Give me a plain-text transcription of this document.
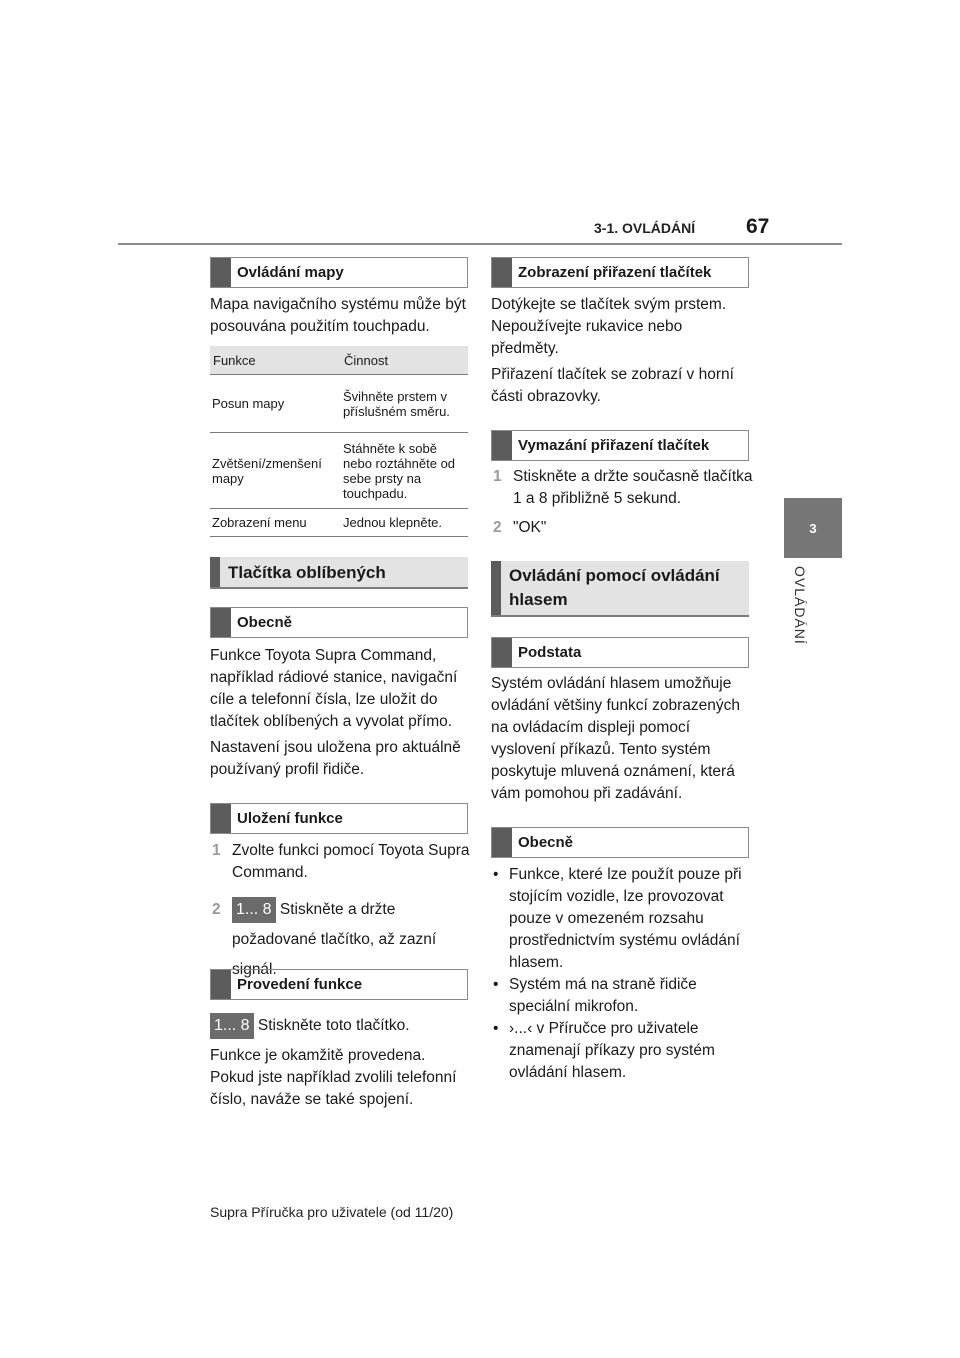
3-1. OVLÁDÁNÍ 67
3
OVLÁDÁNÍ
Ovládání mapy
Mapa navigačního systému může být posouvána použitím touchpadu.
Funkce	Činnost
Posun mapy	Švihněte prstem v příslušném směru.
Zvětšení/zmenšení mapy	Stáhněte k sobě nebo roztáhněte od sebe prsty na touchpadu.
Zobrazení menu	Jednou klepněte.
Tlačítka oblíbených
Obecně
Funkce Toyota Supra Command, například rádiové stanice, navigační cíle a telefonní čísla, lze uložit do tlačítek oblíbených a vyvolat přímo.
Nastavení jsou uložena pro aktuálně používaný profil řidiče.
Uložení funkce
1 Zvolte funkci pomocí Toyota Supra Command.
2 1... 8 Stiskněte a držte požadované tlačítko, až zazní signál.
Provedení funkce
1... 8 Stiskněte toto tlačítko.
Funkce je okamžitě provedena. Pokud jste například zvolili telefonní číslo, naváže se také spojení.
Zobrazení přiřazení tlačítek
Dotýkejte se tlačítek svým prstem. Nepoužívejte rukavice nebo předměty.
Přiřazení tlačítek se zobrazí v horní části obrazovky.
Vymazání přiřazení tlačítek
1 Stiskněte a držte současně tlačítka 1 a 8 přibližně 5 sekund.
2 "OK"
Ovládání pomocí ovládání hlasem
Podstata
Systém ovládání hlasem umožňuje ovládání většiny funkcí zobrazených na ovládacím displeji pomocí vyslovení příkazů. Tento systém poskytuje mluvená oznámení, která vám pomohou při zadávání.
Obecně
• Funkce, které lze použít pouze při stojícím vozidle, lze provozovat pouze v omezeném rozsahu prostřednictvím systému ovládání hlasem.
• Systém má na straně řidiče speciální mikrofon.
• ›...‹ v Příručce pro uživatele znamenají příkazy pro systém ovládání hlasem.
Supra Příručka pro uživatele (od 11/20)
